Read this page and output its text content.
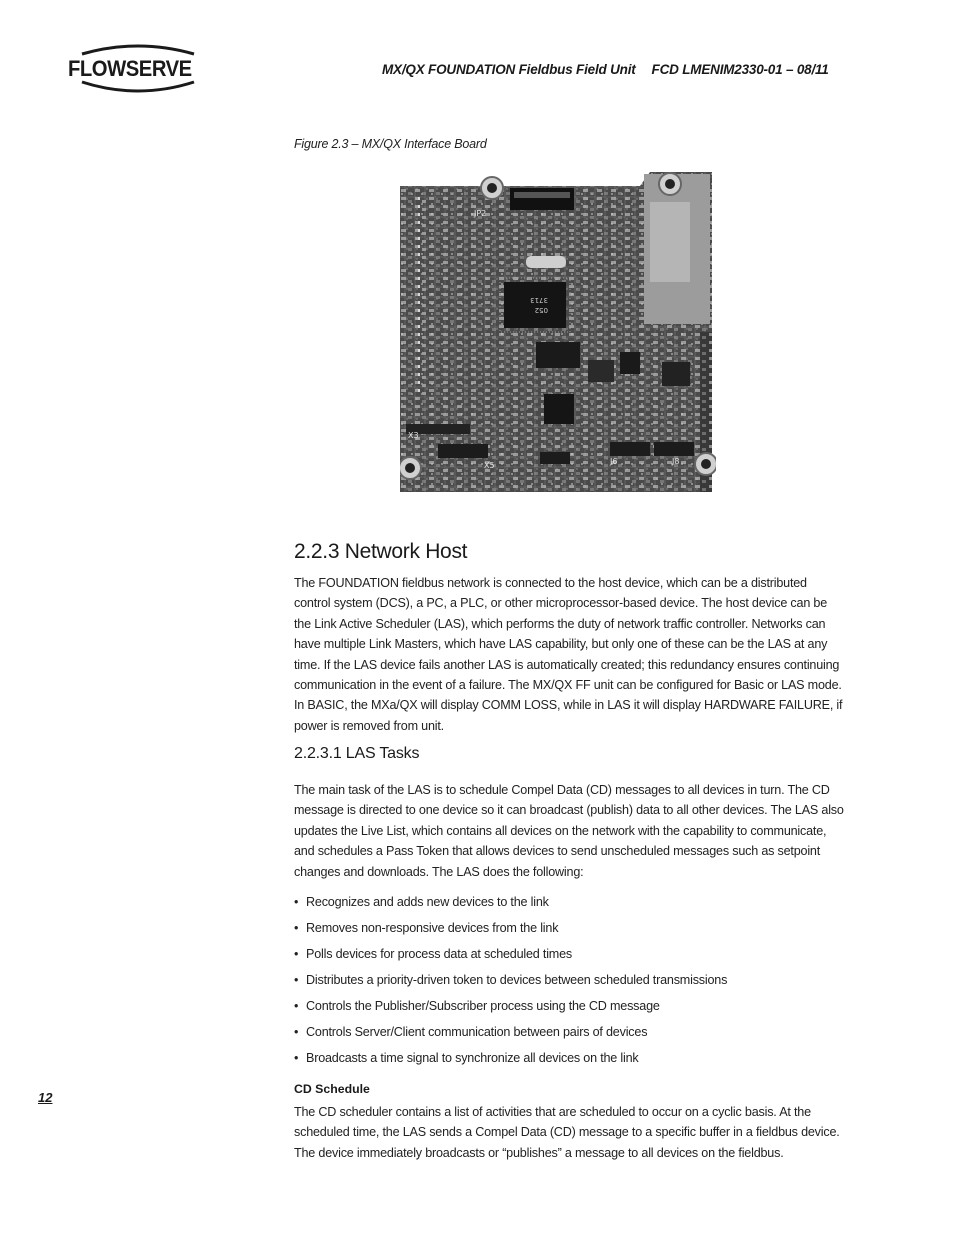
FLOWSERVE	MX/QX FOUNDATION Fieldbus Field Unit FCD LMENIM2330-01 – 08/11
Figure 2.3 – MX/QX Interface Board
052
3713
JP2
X3
J6	J8
X5
2.2.3 Network Host

The FOUNDATION fieldbus network is connected to the host device, which can be a distributed control system (DCS), a PC, a PLC, or other microprocessor-based device. The host device can be the Link Active Scheduler (LAS), which performs the duty of network traffic controller. Networks can have multiple Link Masters, which have LAS capability, but only one of these can be the LAS at any time. If the LAS device fails another LAS is automatically created; this redundancy ensures continuing communication in the event of a failure. The MX/QX FF unit can be configured for Basic or LAS mode. In BASIC, the MXa/QX will display COMM LOSS, while in LAS it will display HARDWARE FAILURE, if power is removed from unit.

2.2.3.1 LAS Tasks

The main task of the LAS is to schedule Compel Data (CD) messages to all devices in turn. The CD message is directed to one device so it can broadcast (publish) data to all other devices. The LAS also updates the Live List, which contains all devices on the network with the capability to communicate, and schedules a Pass Token that allows devices to send unscheduled messages such as setpoint changes and downloads. The LAS does the following:

• Recognizes and adds new devices to the link
• Removes non-responsive devices from the link
• Polls devices for process data at scheduled times
• Distributes a priority-driven token to devices between scheduled transmissions
• Controls the Publisher/Subscriber process using the CD message
• Controls Server/Client communication between pairs of devices
• Broadcasts a time signal to synchronize all devices on the link
CD Schedule

The CD scheduler contains a list of activities that are scheduled to occur on a cyclic basis. At the scheduled time, the LAS sends a Compel Data (CD) message to a specific buffer in a fieldbus device. The device immediately broadcasts or “publishes” a message to all devices on the fieldbus.

12
